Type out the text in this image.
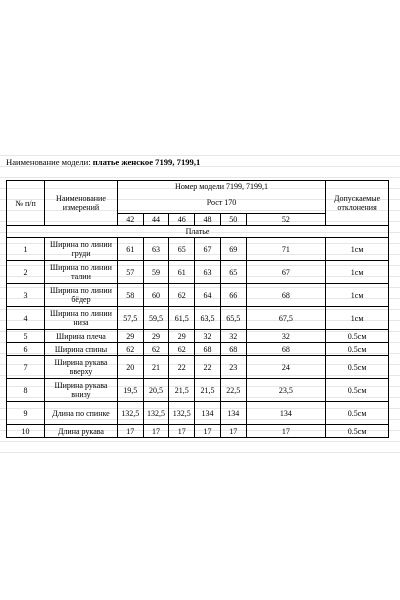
Наименование модели: платье женское 7199, 7199,1
№ п/п	Наименование измерений	Номер модели 7199, 7199,1						Допускаемые отклонения
		Рост 170						
		42	44	46	48	50	52	
Платье								
1	Ширина по линии груди	61	63	65	67	69	71	1см
2	Ширина по линии талии	57	59	61	63	65	67	1см
3	Ширина по линии бёдер	58	60	62	64	66	68	1см
4	Ширина по линии низа	57,5	59,5	61,5	63,5	65,5	67,5	1см
5	Ширина плеча	29	29	29	32	32	32	0.5см
6	Ширина спины	62	62	62	68	68	68	0.5см
7	Ширина рукава вверху	20	21	22	22	23	24	0.5см
8	Ширина рукава внизу	19,5	20,5	21,5	21,5	22,5	23,5	0.5см
9	Длина по спинке	132,5	132,5	132,5	134	134	134	0.5см
10	Длина рукава	17	17	17	17	17	17	0.5см
